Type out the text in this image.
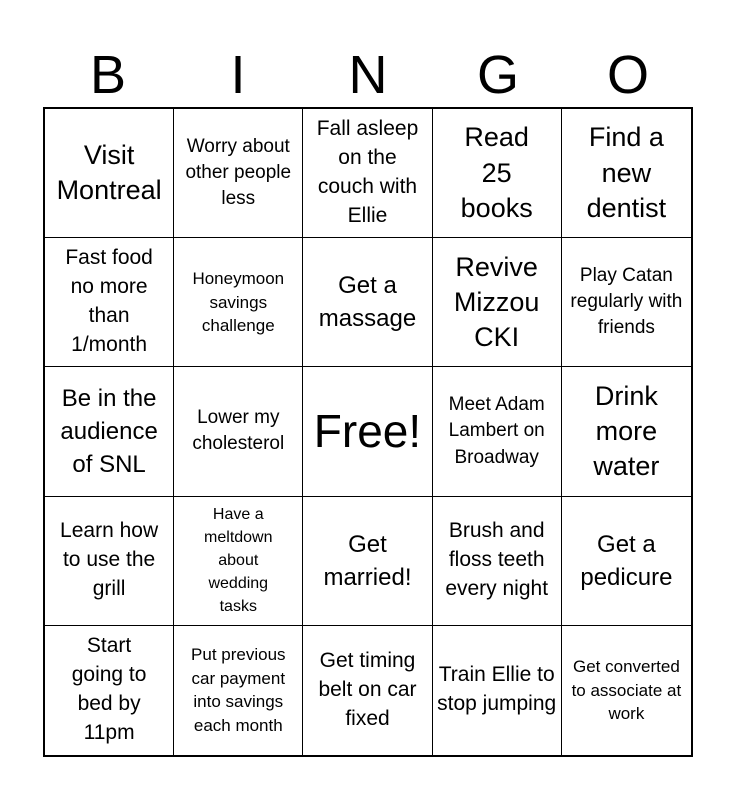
B	I	N	G	O
Visit Montreal
Worry about other people less
Fall asleep on the couch with Ellie
Read 25 books
Find a new dentist
Fast food no more than 1/month
Honeymoon savings challenge
Get a massage
Revive Mizzou CKI
Play Catan regularly with friends
Be in the audience of SNL
Lower my cholesterol Free!
Meet Adam Lambert on Broadway
Drink more water
Learn how to use the grill
Have a meltdown about wedding tasks
Get married!
Brush and floss teeth every night
Get a pedicure
Start going to bed by 11pm
Put previous car payment into savings each month
Get timing belt on car fixed
Train Ellie to stop jumping
Get converted to associate at work
